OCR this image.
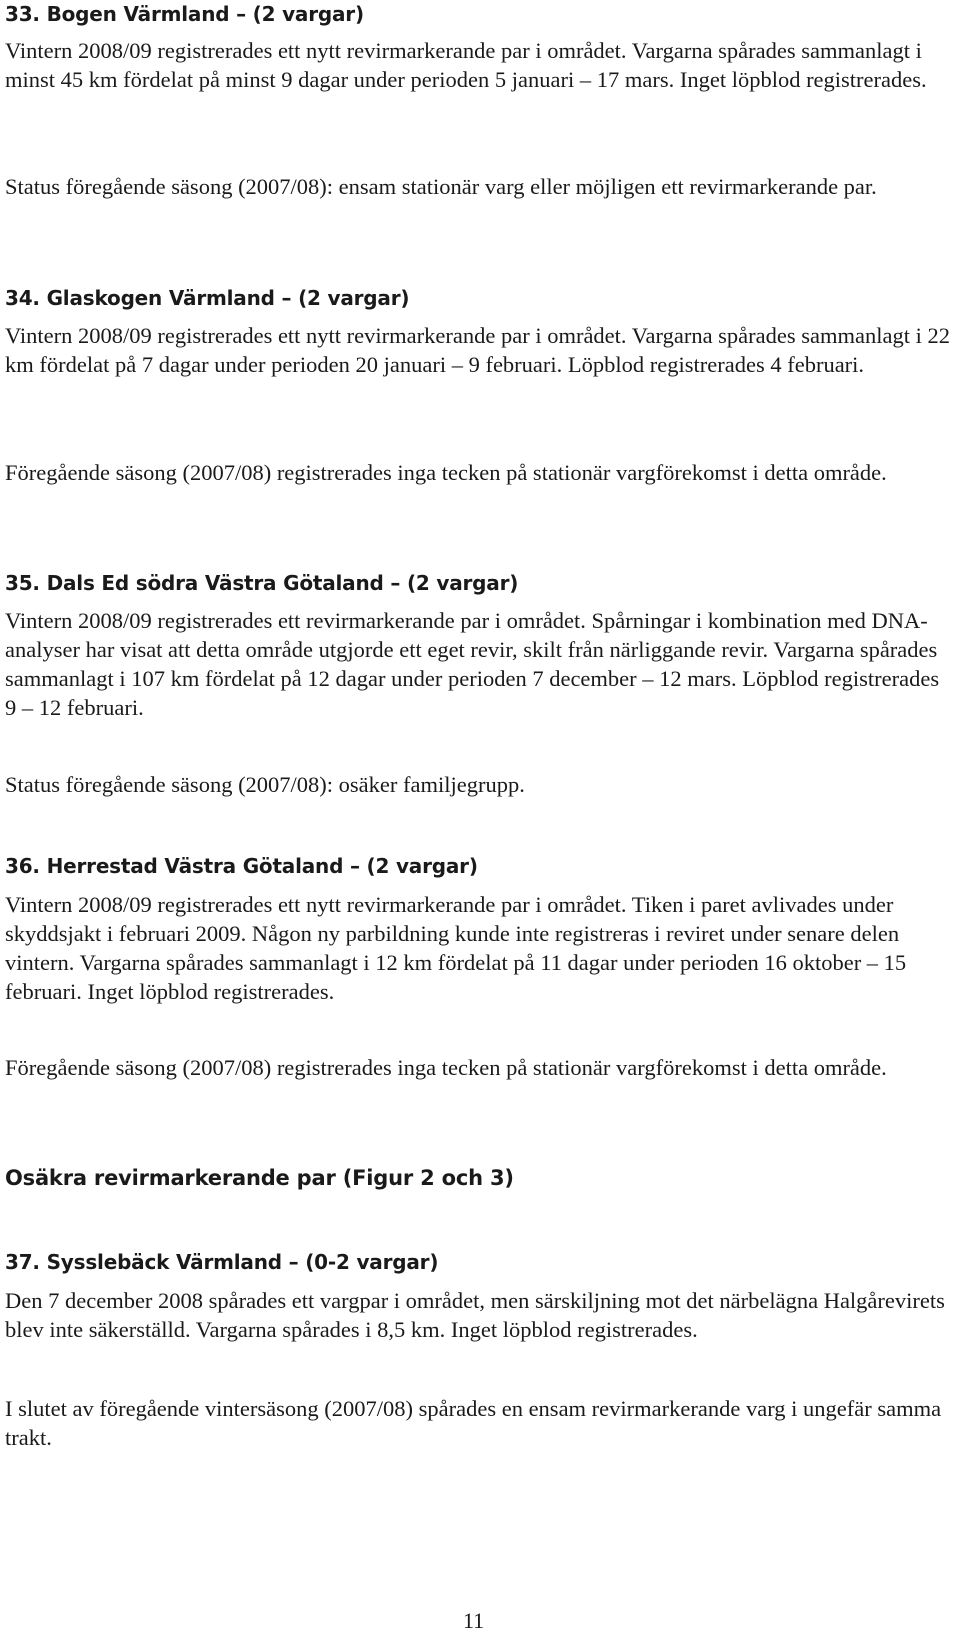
33. Bogen Värmland – (2 vargar)

Vintern 2008/09 registrerades ett nytt revirmarkerande par i området. Vargarna spårades sammanlagt i minst 45 km fördelat på minst 9 dagar under perioden 5 januari – 17 mars. Inget löpblod registrerades.

Status föregående säsong (2007/08): ensam stationär varg eller möjligen ett revirmarkerande par.

34. Glaskogen Värmland – (2 vargar)

Vintern 2008/09 registrerades ett nytt revirmarkerande par i området. Vargarna spårades sammanlagt i 22 km fördelat på 7 dagar under perioden 20 januari – 9 februari. Löpblod registrerades 4 februari.

Föregående säsong (2007/08) registrerades inga tecken på stationär vargförekomst i detta område.

35. Dals Ed södra Västra Götaland – (2 vargar)

Vintern 2008/09 registrerades ett revirmarkerande par i området. Spårningar i kombination med DNA-analyser har visat att detta område utgjorde ett eget revir, skilt från närliggande revir. Vargarna spårades sammanlagt i 107 km fördelat på 12 dagar under perioden 7 december – 12 mars. Löpblod registrerades 9 – 12 februari.

Status föregående säsong (2007/08): osäker familjegrupp.

36. Herrestad Västra Götaland – (2 vargar)

Vintern 2008/09 registrerades ett nytt revirmarkerande par i området. Tiken i paret avlivades under skyddsjakt i februari 2009. Någon ny parbildning kunde inte registreras i reviret under senare delen vintern. Vargarna spårades sammanlagt i 12 km fördelat på 11 dagar under perioden 16 oktober – 15 februari. Inget löpblod registrerades.

Föregående säsong (2007/08) registrerades inga tecken på stationär vargförekomst i detta område.

Osäkra revirmarkerande par (Figur 2 och 3)
37. Sysslebäck Värmland – (0-2 vargar)

Den 7 december 2008 spårades ett vargpar i området, men särskiljning mot det närbelägna Halgårevirets blev inte säkerställd. Vargarna spårades i 8,5 km. Inget löpblod registrerades.

I slutet av föregående vintersäsong (2007/08) spårades en ensam revirmarkerande varg i ungefär samma trakt.

11
